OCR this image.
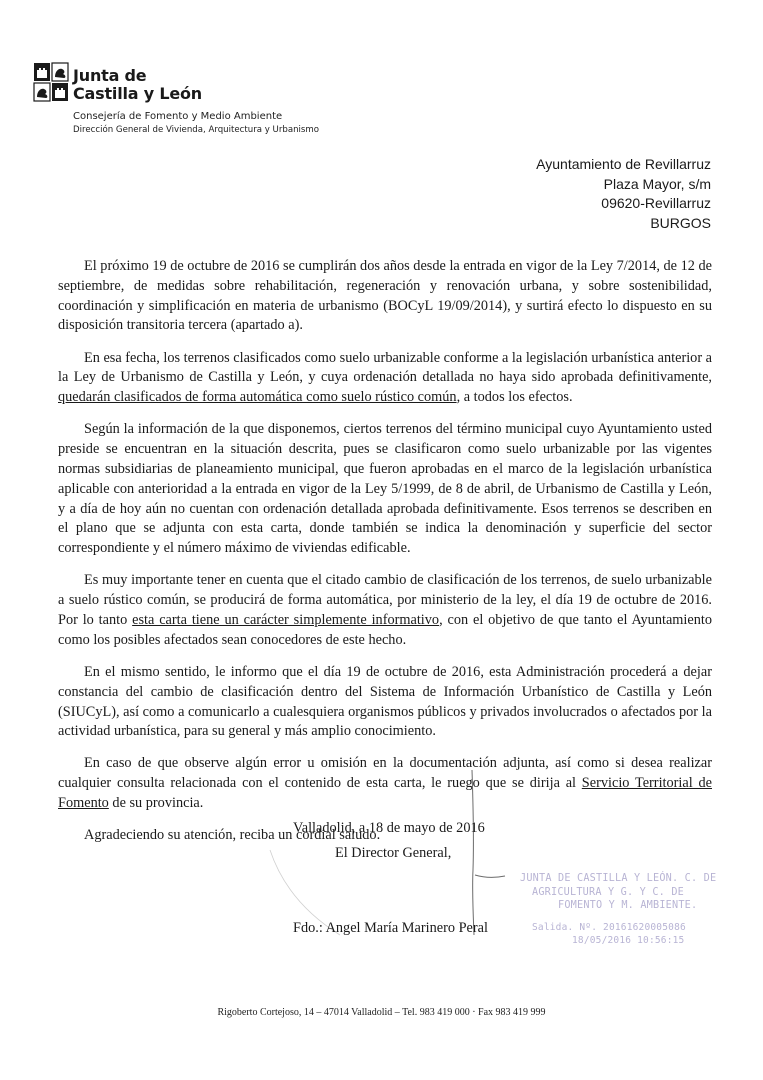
Junta de
Castilla y León
Consejería de Fomento y Medio Ambiente
Dirección General de Vivienda, Arquitectura y Urbanismo
Ayuntamiento de Revillarruz
Plaza Mayor, s/m
09620-Revillarruz
BURGOS

El próximo 19 de octubre de 2016 se cumplirán dos años desde la entrada en vigor de la Ley 7/2014, de 12 de septiembre, de medidas sobre rehabilitación, regeneración y renovación urbana, y sobre sostenibilidad, coordinación y simplificación en materia de urbanismo (BOCyL 19/09/2014), y surtirá efecto lo dispuesto en su disposición transitoria tercera (apartado a).

En esa fecha, los terrenos clasificados como suelo urbanizable conforme a la legislación urbanística anterior a la Ley de Urbanismo de Castilla y León, y cuya ordenación detallada no haya sido aprobada definitivamente, quedarán clasificados de forma automática como suelo rústico común, a todos los efectos.

Según la información de la que disponemos, ciertos terrenos del término municipal cuyo Ayuntamiento usted preside se encuentran en la situación descrita, pues se clasificaron como suelo urbanizable por las vigentes normas subsidiarias de planeamiento municipal, que fueron aprobadas en el marco de la legislación urbanística aplicable con anterioridad a la entrada en vigor de la Ley 5/1999, de 8 de abril, de Urbanismo de Castilla y León, y a día de hoy aún no cuentan con ordenación detallada aprobada definitivamente. Esos terrenos se describen en el plano que se adjunta con esta carta, donde también se indica la denominación y superficie del sector correspondiente y el número máximo de viviendas edificable.

Es muy importante tener en cuenta que el citado cambio de clasificación de los terrenos, de suelo urbanizable a suelo rústico común, se producirá de forma automática, por ministerio de la ley, el día 19 de octubre de 2016. Por lo tanto esta carta tiene un carácter simplemente informativo, con el objetivo de que tanto el Ayuntamiento como los posibles afectados sean conocedores de este hecho.

En el mismo sentido, le informo que el día 19 de octubre de 2016, esta Administración procederá a dejar constancia del cambio de clasificación dentro del Sistema de Información Urbanístico de Castilla y León (SIUCyL), así como a comunicarlo a cualesquiera organismos públicos y privados involucrados o afectados por la actividad urbanística, para su general y más amplio conocimiento.

En caso de que observe algún error u omisión en la documentación adjunta, así como si desea realizar cualquier consulta relacionada con el contenido de esta carta, le ruego que se dirija al Servicio Territorial de Fomento de su provincia.

Agradeciendo su atención, reciba un cordial saludo.

Valladolid, a 18 de mayo de 2016
El Director General,
Fdo.: Angel María Marinero Peral
JUNTA DE CASTILLA Y LEÓN. C. DE
AGRICULTURA Y G. Y C. DE
FOMENTO Y M. AMBIENTE.
Salida. Nº. 20161620005086
18/05/2016 10:56:15
Rigoberto Cortejoso, 14 – 47014 Valladolid – Tel. 983 419 000 · Fax 983 419 999
